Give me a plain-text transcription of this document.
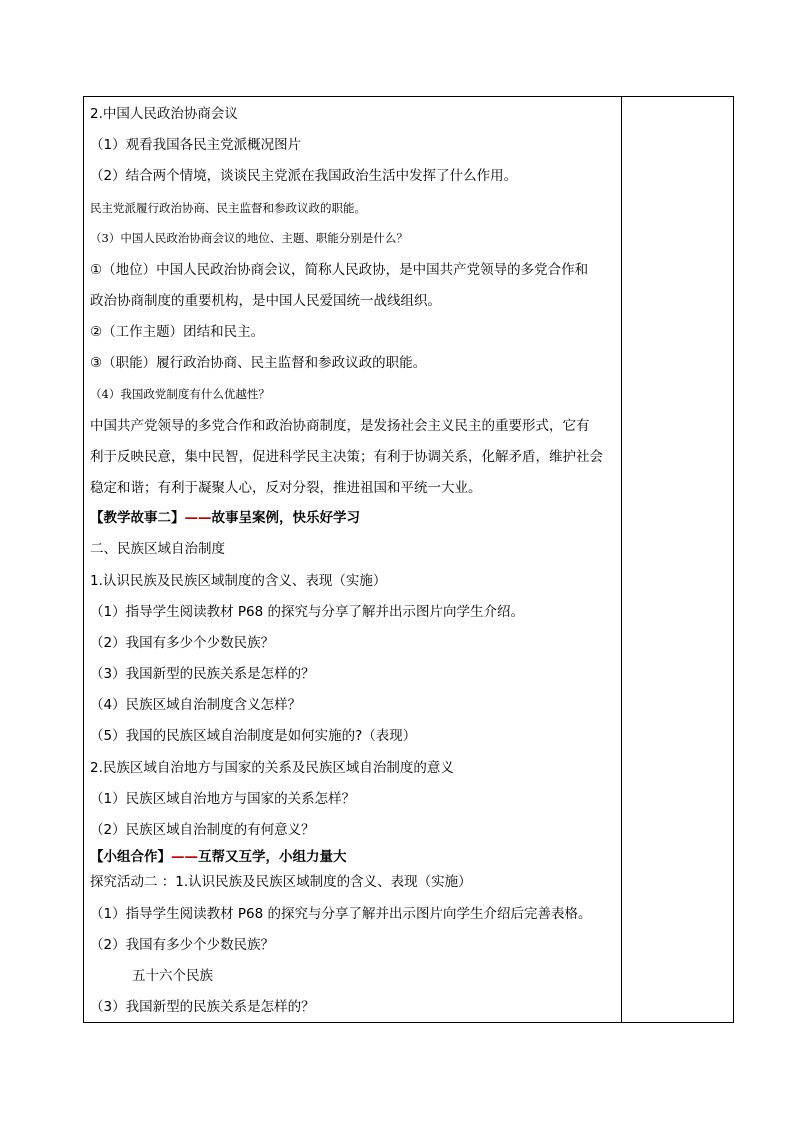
2.中国人民政治协商会议
（1）观看我国各民主党派概况图片
（2）结合两个情境，谈谈民主党派在我国政治生活中发挥了什么作用。
民主党派履行政治协商、民主监督和参政议政的职能。
（3）中国人民政治协商会议的地位、主题、职能分别是什么？
①（地位）中国人民政治协商会议，简称人民政协，是中国共产党领导的多党合作和
政治协商制度的重要机构，是中国人民爱国统一战线组织。
②（工作主题）团结和民主。
③（职能）履行政治协商、民主监督和参政议政的职能。
（4）我国政党制度有什么优越性？
中国共产党领导的多党合作和政治协商制度，是发扬社会主义民主的重要形式，它有
利于反映民意，集中民智，促进科学民主决策；有利于协调关系，化解矛盾，维护社会
稳定和谐；有利于凝聚人心，反对分裂，推进祖国和平统一大业。
【教学故事二】——故事呈案例，快乐好学习
二、民族区域自治制度
1.认识民族及民族区域制度的含义、表现（实施）
（1）指导学生阅读教材 P68 的探究与分享了解并出示图片向学生介绍。
（2）我国有多少个少数民族？
（3）我国新型的民族关系是怎样的？
（4）民族区域自治制度含义怎样？
（5）我国的民族区域自治制度是如何实施的?（表现）
2.民族区域自治地方与国家的关系及民族区域自治制度的意义
（1）民族区域自治地方与国家的关系怎样？
（2）民族区域自治制度的有何意义？
【小组合作】——互帮又互学，小组力量大
探究活动二 ：1.认识民族及民族区域制度的含义、表现（实施）
（1）指导学生阅读教材 P68 的探究与分享了解并出示图片向学生介绍后完善表格。
（2）我国有多少个少数民族？
五十六个民族
（3）我国新型的民族关系是怎样的？
